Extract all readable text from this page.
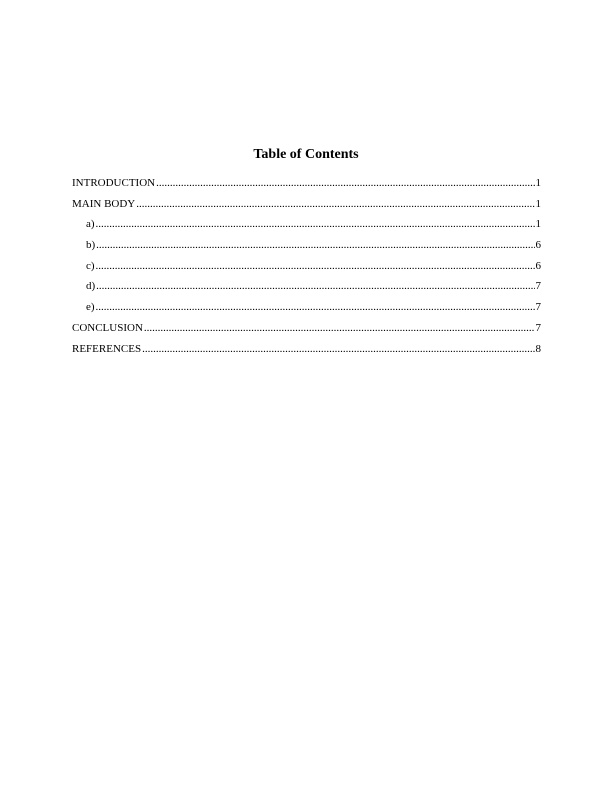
Table of Contents
INTRODUCTION .....	1
MAIN BODY .....	1
a) .....	1
b) .....	6
c) .....	6
d) .....	7
e) .....	7
CONCLUSION .....	7
REFERENCES .....	8
